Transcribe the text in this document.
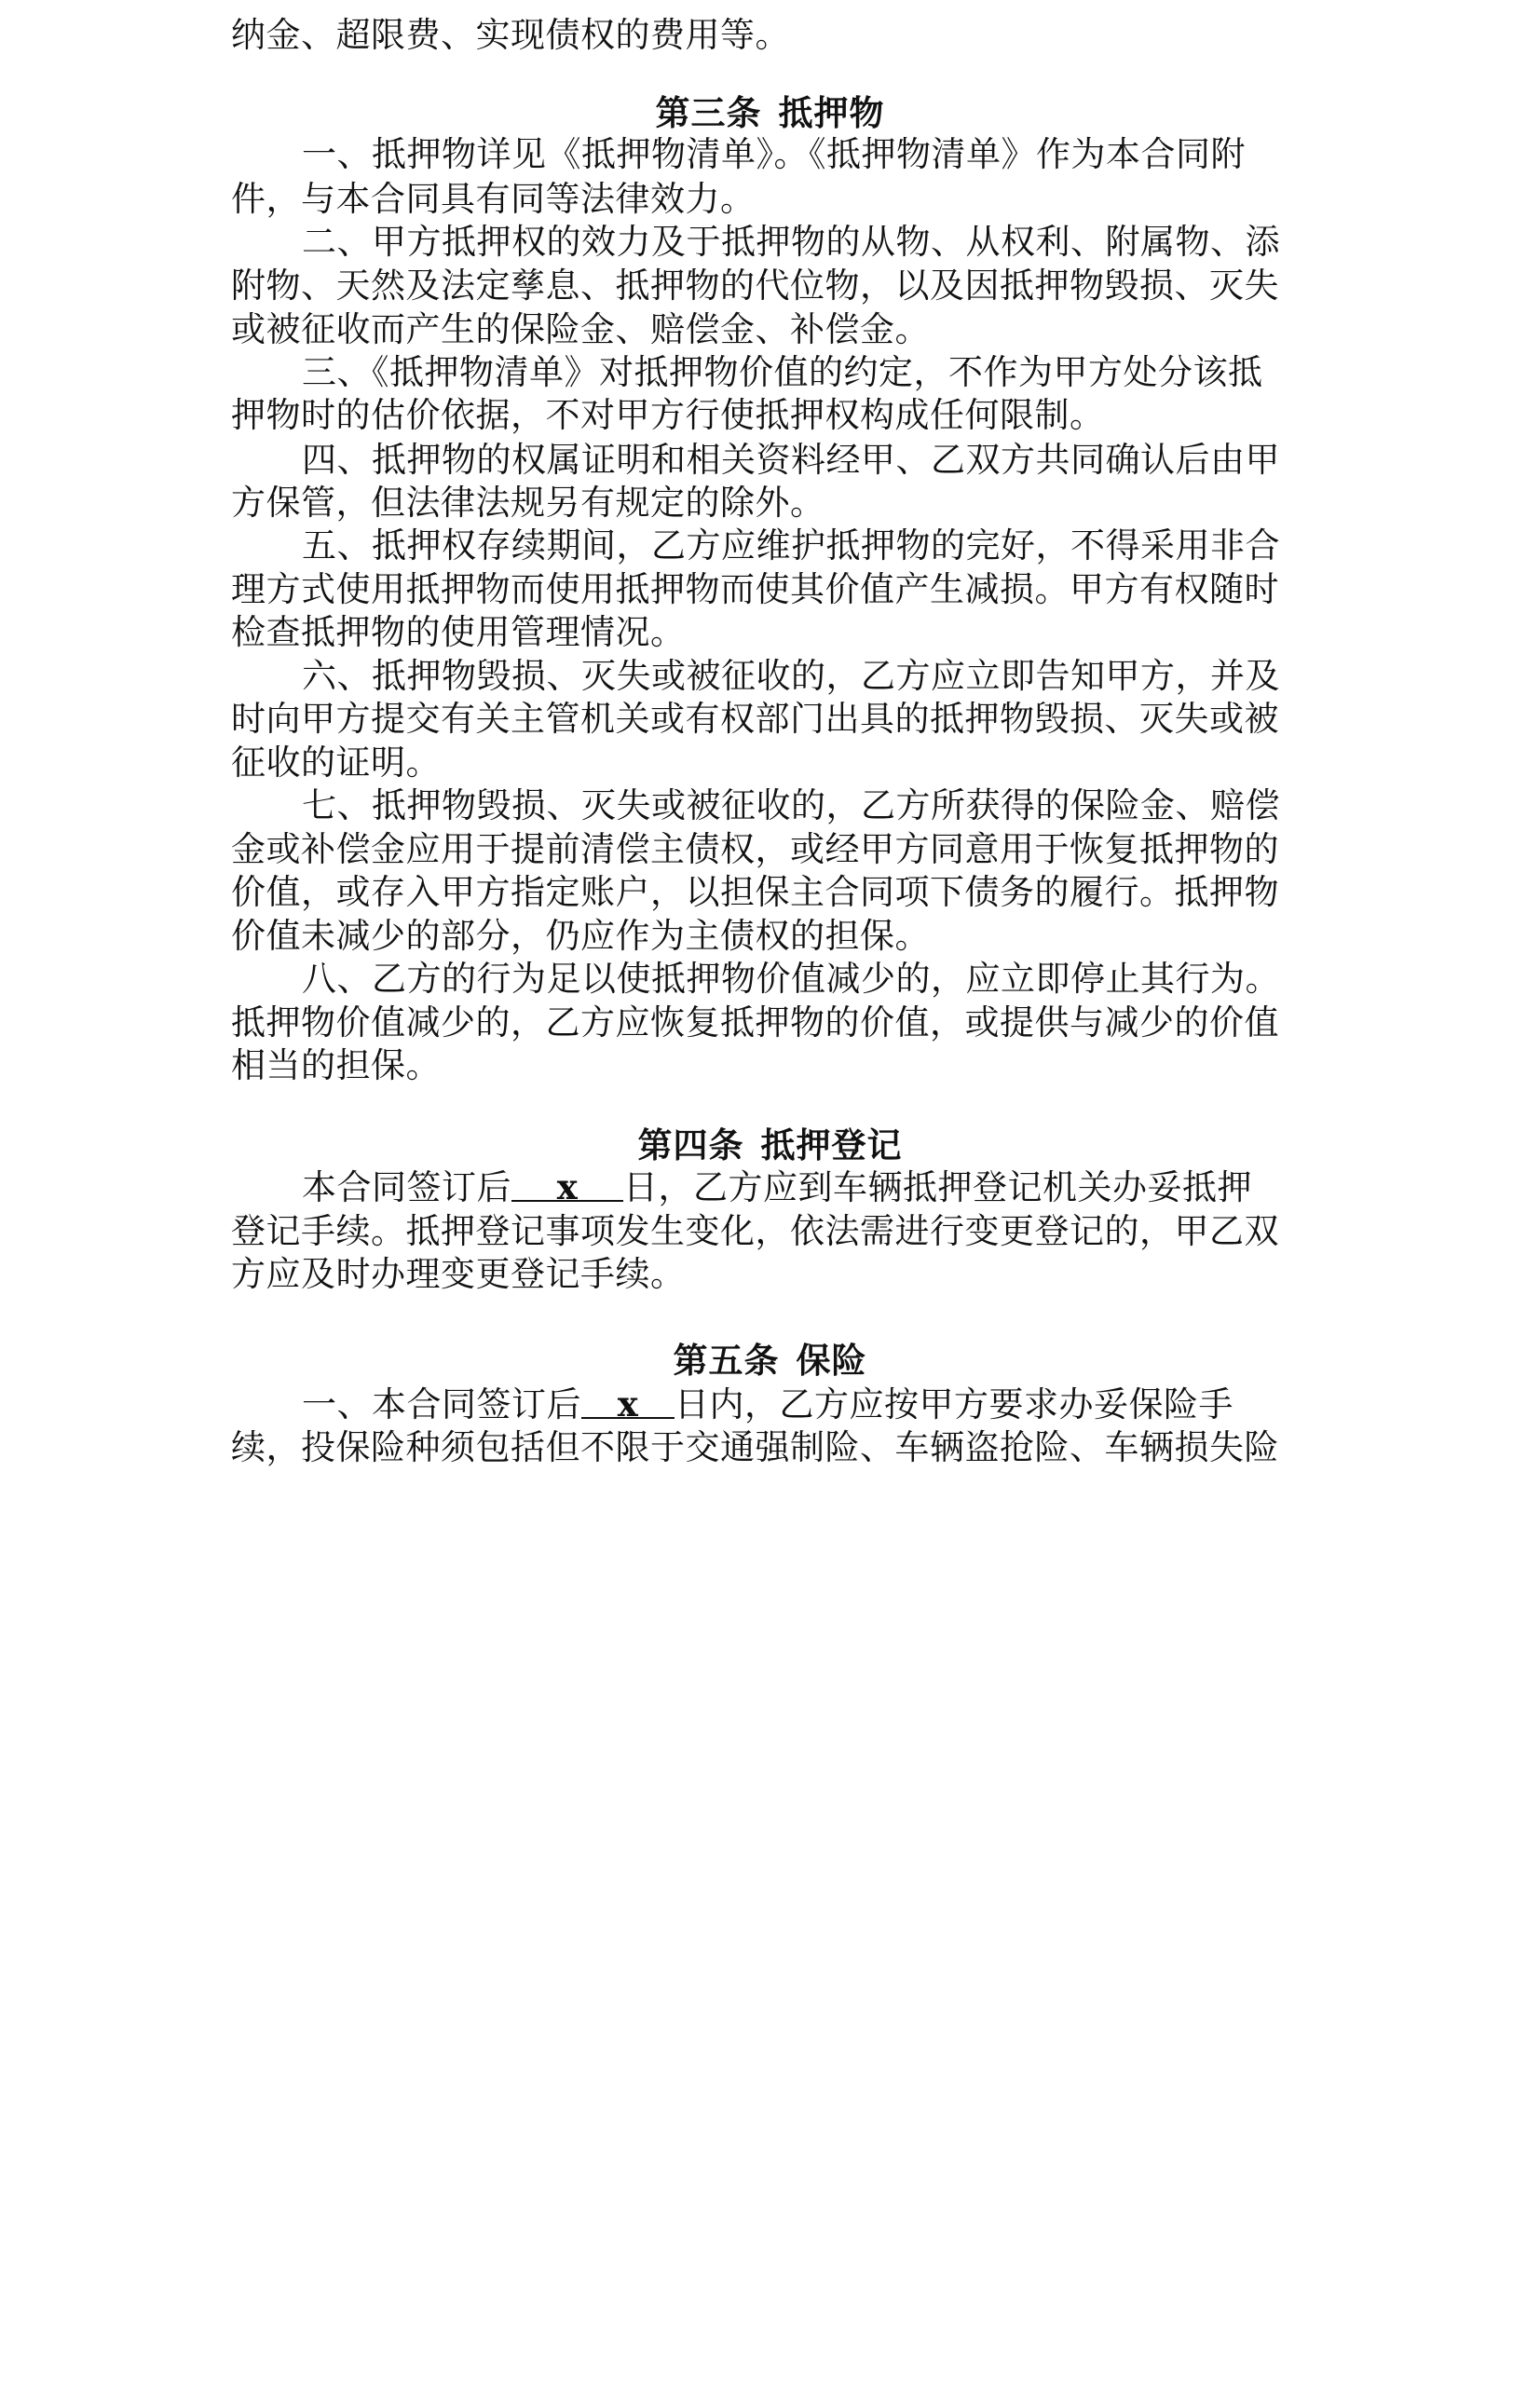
纳金、超限费、实现债权的费用等。
第三条 抵押物
一、抵押物详见《抵押物清单》。《抵押物清单》作为本合同附
件，与本合同具有同等法律效力。
二、甲方抵押权的效力及于抵押物的从物、从权利、附属物、添
附物、天然及法定孳息、抵押物的代位物，以及因抵押物毁损、灭失
或被征收而产生的保险金、赔偿金、补偿金。
三、《抵押物清单》对抵押物价值的约定，不作为甲方处分该抵
押物时的估价依据，不对甲方行使抵押权构成任何限制。
四、抵押物的权属证明和相关资料经甲、乙双方共同确认后由甲
方保管，但法律法规另有规定的除外。
五、抵押权存续期间，乙方应维护抵押物的完好，不得采用非合
理方式使用抵押物而使用抵押物而使其价值产生减损。甲方有权随时
检查抵押物的使用管理情况。
六、抵押物毁损、灭失或被征收的，乙方应立即告知甲方，并及
时向甲方提交有关主管机关或有权部门出具的抵押物毁损、灭失或被
征收的证明。
七、抵押物毁损、灭失或被征收的，乙方所获得的保险金、赔偿
金或补偿金应用于提前清偿主债权，或经甲方同意用于恢复抵押物的
价值，或存入甲方指定账户，以担保主合同项下债务的履行。抵押物
价值未减少的部分，仍应作为主债权的担保。
八、乙方的行为足以使抵押物价值减少的，应立即停止其行为。
抵押物价值减少的，乙方应恢复抵押物的价值，或提供与减少的价值
相当的担保。
第四条 抵押登记
本合同签订后 x 日，乙方应到车辆抵押登记机关办妥抵押
登记手续。抵押登记事项发生变化，依法需进行变更登记的，甲乙双
方应及时办理变更登记手续。
第五条 保险
一、本合同签订后 x 日内，乙方应按甲方要求办妥保险手
续，投保险种须包括但不限于交通强制险、车辆盗抢险、车辆损失险
